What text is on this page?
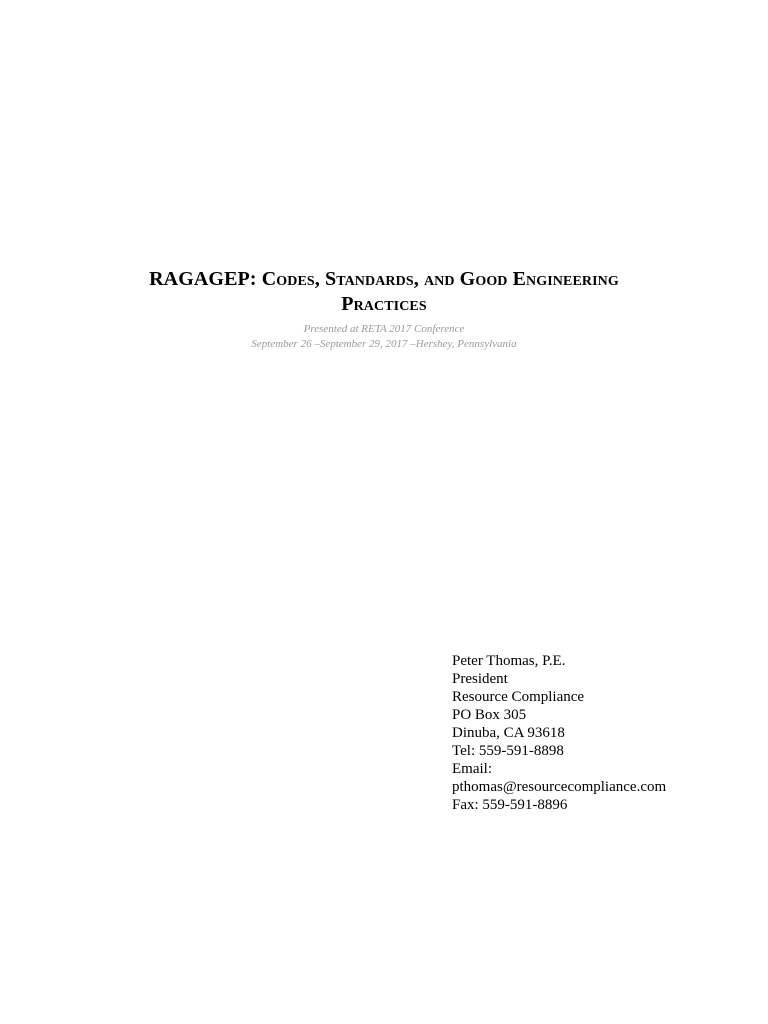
RAGAGEP: Codes, Standards, and Good Engineering
Practices

Presented at RETA 2017 Conference

September 26 –September 29, 2017 –Hershey, Pennsylvania

Peter Thomas, P.E.
President
Resource Compliance
PO Box 305
Dinuba, CA 93618
Tel: 559-591-8898
Email:
pthomas@resourcecompliance.com
Fax: 559-591-8896
